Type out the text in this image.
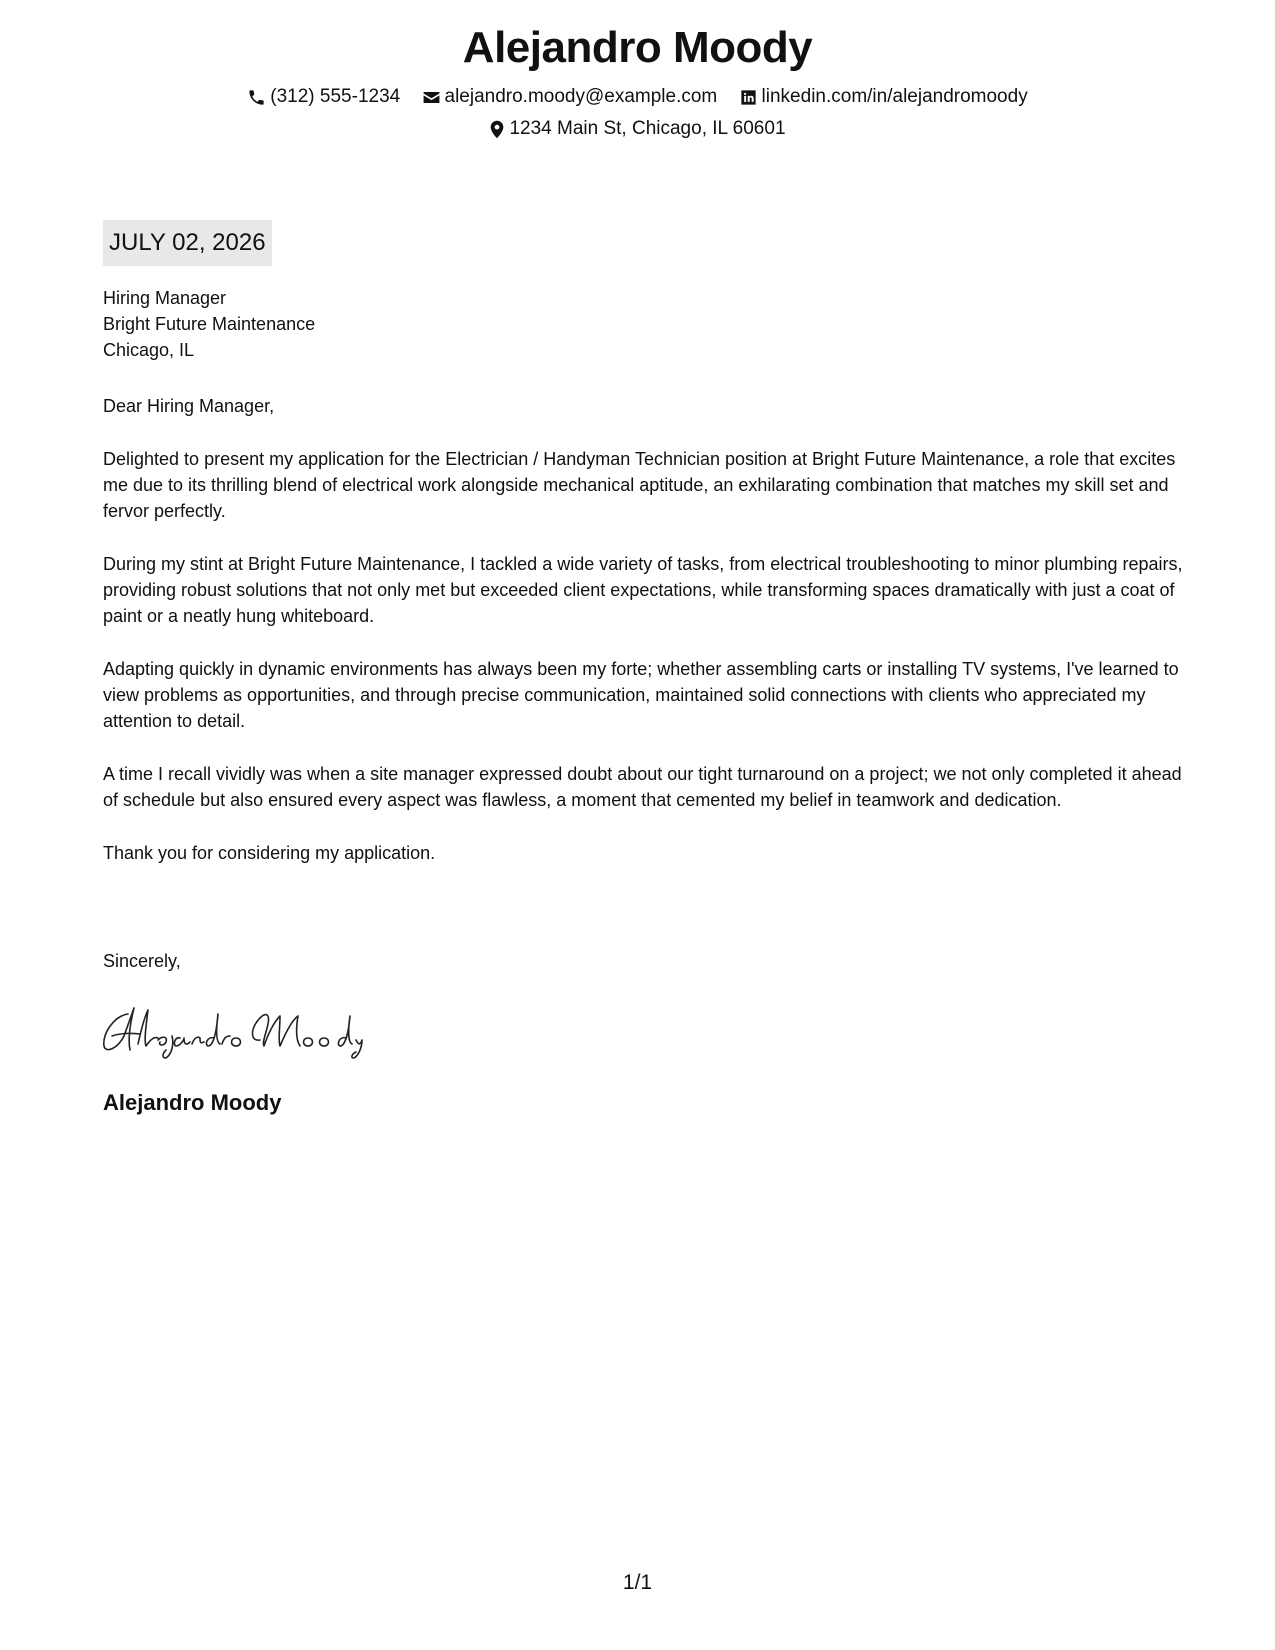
Alejandro Moody
(312) 555-1234
alejandro.moody@example.com
linkedin.com/in/alejandromoody
1234 Main St, Chicago, IL 60601
JULY 02, 2026
Hiring Manager
Bright Future Maintenance
Chicago, IL
Dear Hiring Manager,

Delighted to present my application for the Electrician / Handyman Technician position at Bright Future Maintenance, a role that excites me due to its thrilling blend of electrical work alongside mechanical aptitude, an exhilarating combination that matches my skill set and fervor perfectly.

During my stint at Bright Future Maintenance, I tackled a wide variety of tasks, from electrical troubleshooting to minor plumbing repairs, providing robust solutions that not only met but exceeded client expectations, while transforming spaces dramatically with just a coat of paint or a neatly hung whiteboard.

Adapting quickly in dynamic environments has always been my forte; whether assembling carts or installing TV systems, I've learned to view problems as opportunities, and through precise communication, maintained solid connections with clients who appreciated my attention to detail.

A time I recall vividly was when a site manager expressed doubt about our tight turnaround on a project; we not only completed it ahead of schedule but also ensured every aspect was flawless, a moment that cemented my belief in teamwork and dedication.

Thank you for considering my application.

Sincerely,
Alejandro Moody
1/1
